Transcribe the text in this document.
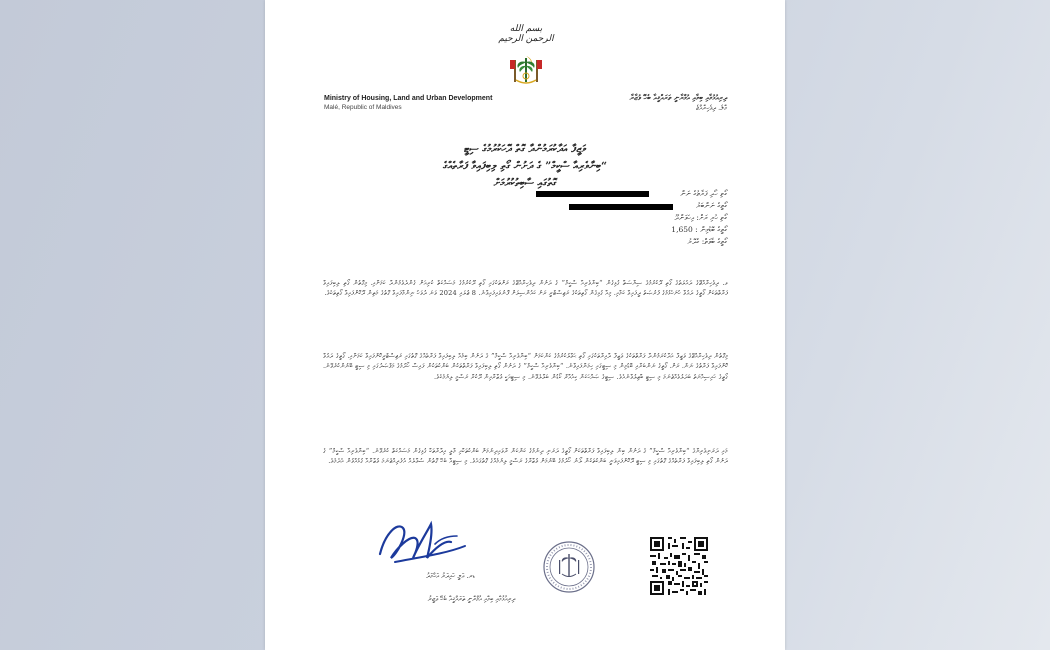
بسم الله الرحمن الرحيم
Ministry of Housing, Land and Urban Development
Malé, Republic of Maldives
ދިރިއުޅުމާއި ބިމާއި އުމްރާނީ ތަރައްޤީއާ ބެހޭ ވުޒާރާ
މާލެ، ދިވެހިރާއްޖެ
ވަޒީފާ އަދާކުރަމުންދާ ގޮތް ދޭހަކުރުމުގެ ސިޓީ
“ބިނާވެރިއާ ސްކީމް” ގެ ދަށުން ގޯތި ލިބިފައިވާ ފަރާތެއްގެ
ގޮތުގައި ސާބިތުކުރުމަށް
ގޯތި ހޯދި ފަރާތުގެ ނަން
ގޯތީގެ ނަންބަރު
ގޯތި ހުރި ރަށް: އިހަވަންދޫ
ގޯތީގެ ބޮޑުމިން : 1,650
ގޯތީގެ ބާވަތް: ގެދޮރު
ވ. ދިވެހިރާއްޖޭގެ ދައުލަތުގެ ގޯތި ދޫކުރުމުގެ ސިޔާސަތާ ގުޅިގެން “ބިނާވެރިއާ ސްކީމް” ގެ ދަށުން ދިވެހިރާއްޖޭގެ ރަށްތަކުގައި ގޯތި ދޫކުރުމުގެ މަސައްކަތް ކުރިއަށް ގެންދެވެމުންދާ ކަމަށާއި، މިގޮތުން ގޯތި ލިބިފައިވާ ފަރާތްތަކަށް ގޯތީގެ ދަޢުވާ ހުށަހެޅުމުގެ ފުރުޞަތު ދީފައިވާ ކަމާއި، މިއާ ގުޅިގެން ގޯތިތަކުގެ ރަޖިސްޓްރީ ރަށު ކައުންސިލަށް ފޮނުވައިފައިވާނެ. 8 ޖުލައި 2024 ވަނަ ދުވަހު ނިންމާފައިވާ ގޮތުގެ މަތިން ދޫކޮށްފައިވާ ގޯތިތަކެވެ.
މިގޮތުން ދިވެހިރާއްޖޭގެ ވަޒީފާ އަދާކުރަމުންދާ ފަރާތްތަކުގެ ވަޒީފާ ދާއިރާތަކުގައި ގޯތި ޙަވާލުކުރުމުގެ ކަންކަމަށް “ބިނާވެރިއާ ސްކީމް” ގެ ދަށުން ބިމެއް ލިބިފައިވާ ފަރާތެއްގެ ގޮތުގައި ރަޖިސްޓްރީކޮށްފައިވާ ކަމަށާއި، ގޯތީގެ ދަޢުވާ ކޮށްފައިވާ ފަރާތުގެ ނަން، ރަށް، ގޯތީގެ ނަންބަރާއި ބޮޑުމިން މި ސިޓީގައި ހިމަނާފައިވާނެ. “ބިނާވެރިއާ ސްކީމް” ގެ ދަށުން ގޯތި ލިބިފައިވާ ފަރާތްތަކުން ބަންކުތަކުން ފައިސާ ހޯދުމުގެ މަޤްޞަދުގައި މި ސިޓީ ބޭނުންކުރެވޭނެ. ގޯތީގެ ހައިސިއްޔަތު ބަދަލުވެއްޖެނަމަ މި ސިޓީ ބާޠިލުވާނެއެވެ. ސިޓީގެ ޞައްޙަކަން ކިއުއާރް ކޯޑުން ބަލާލެވޭނެ. މި ސިޓީއަކީ ވުޒާރާއިން ދޫކުރާ ރަސްމީ ލިޔުމެކެވެ.
މައި ދަރަނިވެރިޔާގެ “ބިނާވެރިއާ ސްކީމް” ގެ ދަށުން ބިން ލިބިފައިވާ ފަރާތްތަކަށް ގޯތީގެ ދަރަނި ދިނުމުގެ ކަންކަން ރާވައިދިނުމަށް ބަންކުތަކާއި މާލީ އިދާރާތަކާ ގުޅިގެން މަސައްކަތް ކުރެވޭނެ. “ބިނާވެރިއާ ސްކީމް” ގެ ދަށުން ގޯތި ލިބިފައިވާ ފަރާތެއްގެ ގޮތުގައި މި ސިޓީ ދޫކޮށްފައިވަނީ ބަންކުތަކުން ލޯނު ހޯދުމުގެ ބޭނުމަށް ވުޒާރާގެ ރަސްމީ ލިޔުމެއްގެ ގޮތުގައެވެ. މި ސިޓީއާ ބެހޭ ގޮތުން ސުވާލެއް އުފެދިއްޖެނަމަ ވުޒާރާއާ ގުޅުއްވުން އެދެމެވެ.
ޑރ. ޢަލީ ހައިދަރު އަޙްމަދު
ދިރިއުޅުމާއި ބިމާއި އުމްރާނީ ތަރައްޤީއާ ބެހޭ ވަޒީރު
